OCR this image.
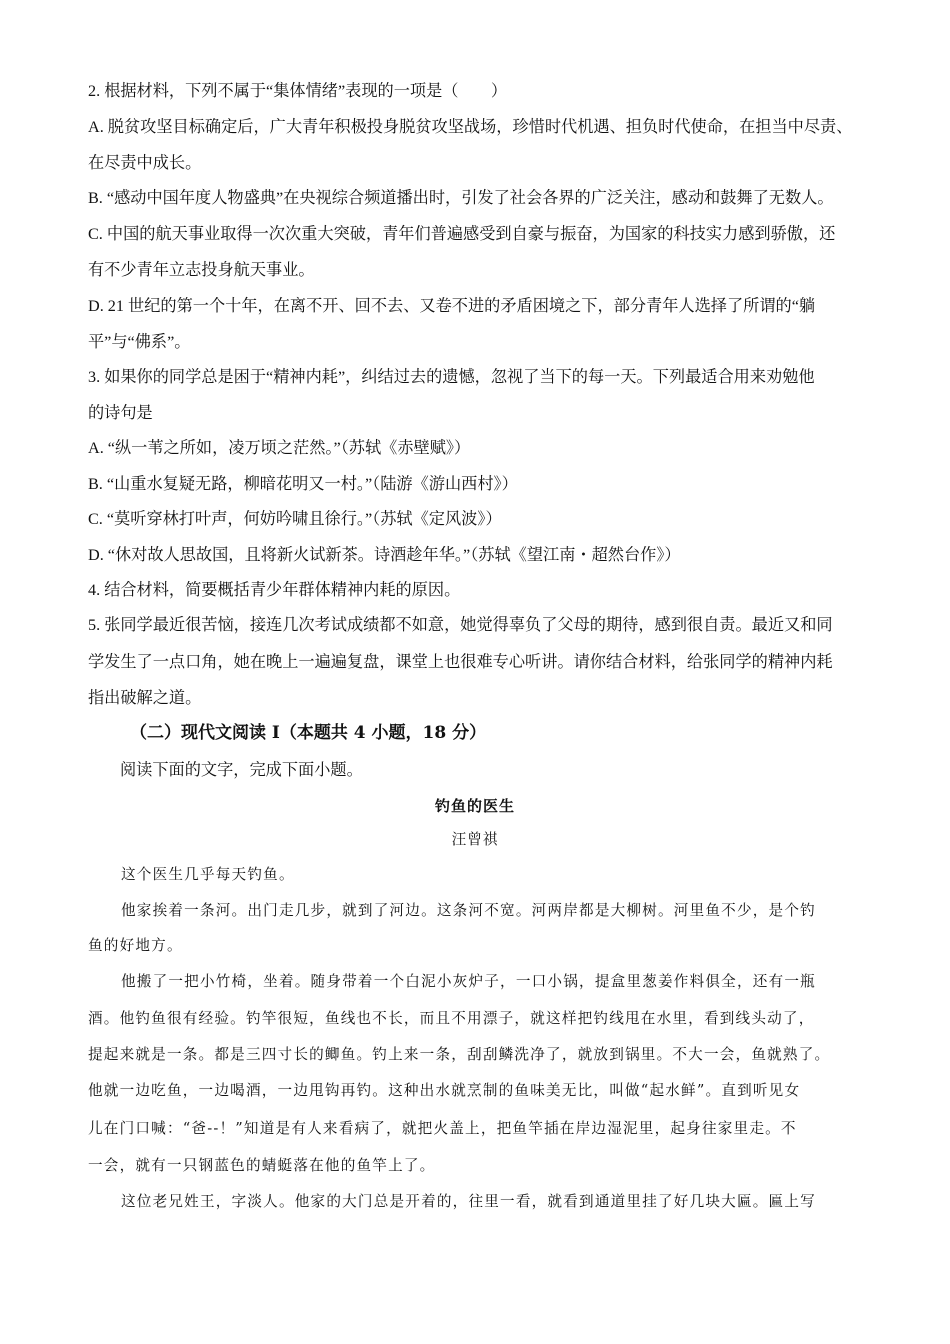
2. 根据材料，下列不属于“集体情绪”表现的一项是（　　）
A. 脱贫攻坚目标确定后，广大青年积极投身脱贫攻坚战场，珍惜时代机遇、担负时代使命，在担当中尽责、
在尽责中成长。
B. “感动中国年度人物盛典”在央视综合频道播出时，引发了社会各界的广泛关注，感动和鼓舞了无数人。
C. 中国的航天事业取得一次次重大突破，青年们普遍感受到自豪与振奋，为国家的科技实力感到骄傲，还
有不少青年立志投身航天事业。
D. 21 世纪的第一个十年，在离不开、回不去、又卷不进的矛盾困境之下，部分青年人选择了所谓的“躺
平”与“佛系”。
3. 如果你的同学总是困于“精神内耗”，纠结过去的遗憾，忽视了当下的每一天。下列最适合用来劝勉他
的诗句是
A. “纵一苇之所如，凌万顷之茫然。”（苏轼《赤壁赋》）
B. “山重水复疑无路，柳暗花明又一村。”（陆游《游山西村》）
C. “莫听穿林打叶声，何妨吟啸且徐行。”（苏轼《定风波》）
D. “休对故人思故国，且将新火试新茶。诗酒趁年华。”（苏轼《望江南・超然台作》）
4. 结合材料，简要概括青少年群体精神内耗的原因。
5. 张同学最近很苦恼，接连几次考试成绩都不如意，她觉得辜负了父母的期待，感到很自责。最近又和同
学发生了一点口角，她在晚上一遍遍复盘，课堂上也很难专心听讲。请你结合材料，给张同学的精神内耗
指出破解之道。
（二）现代文阅读 I（本题共 4 小题，18 分）
阅读下面的文字，完成下面小题。
钓鱼的医生
汪曾祺
这个医生几乎每天钓鱼。
他家挨着一条河。出门走几步，就到了河边。这条河不宽。河两岸都是大柳树。河里鱼不少，是个钓
鱼的好地方。
他搬了一把小竹椅，坐着。随身带着一个白泥小灰炉子，一口小锅，提盒里葱姜作料俱全，还有一瓶
酒。他钓鱼很有经验。钓竿很短，鱼线也不长，而且不用漂子，就这样把钓线甩在水里，看到线头动了，
提起来就是一条。都是三四寸长的鲫鱼。钓上来一条，刮刮鳞洗净了，就放到锅里。不大一会，鱼就熟了。
他就一边吃鱼，一边喝酒，一边甩钩再钓。这种出水就烹制的鱼味美无比，叫做“起水鲜”。直到听见女
儿在门口喊：“爸--！”知道是有人来看病了，就把火盖上，把鱼竿插在岸边湿泥里，起身往家里走。不
一会，就有一只钢蓝色的蜻蜓落在他的鱼竿上了。
这位老兄姓王，字淡人。他家的大门总是开着的，往里一看，就看到通道里挂了好几块大匾。匾上写
